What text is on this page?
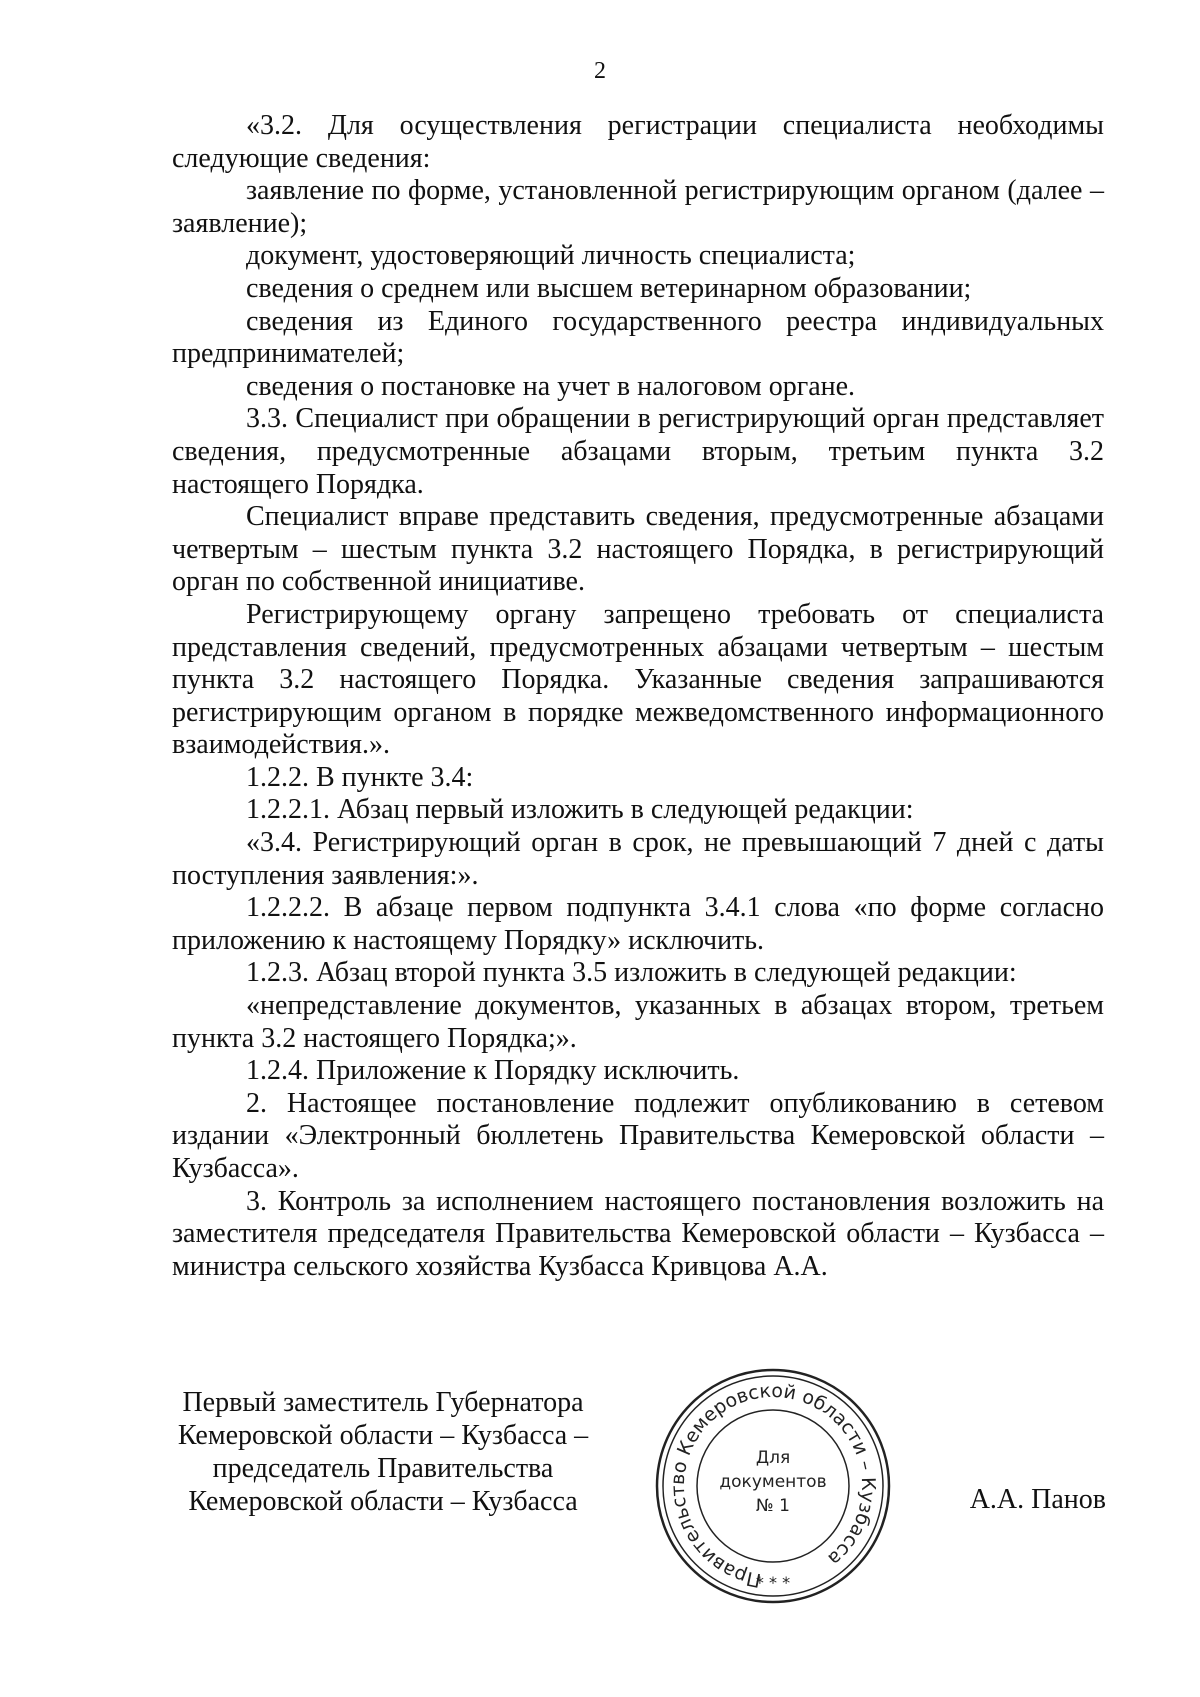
2

«3.2. Для осуществления регистрации специалиста необходимы следующие сведения:

заявление по форме, установленной регистрирующим органом (далее – заявление);

документ, удостоверяющий личность специалиста;

сведения о среднем или высшем ветеринарном образовании;

сведения из Единого государственного реестра индивидуальных предпринимателей;

сведения о постановке на учет в налоговом органе.

3.3. Специалист при обращении в регистрирующий орган представляет сведения, предусмотренные абзацами вторым, третьим пункта 3.2 настоящего Порядка.

Специалист вправе представить сведения, предусмотренные абзацами четвертым – шестым пункта 3.2 настоящего Порядка, в регистрирующий орган по собственной инициативе.

Регистрирующему органу запрещено требовать от специалиста представления сведений, предусмотренных абзацами четвертым – шестым пункта 3.2 настоящего Порядка. Указанные сведения запрашиваются регистрирующим органом в порядке межведомственного информационного взаимодействия.».

1.2.2. В пункте 3.4:

1.2.2.1. Абзац первый изложить в следующей редакции:

«3.4. Регистрирующий орган в срок, не превышающий 7 дней с даты поступления заявления:».

1.2.2.2. В абзаце первом подпункта 3.4.1 слова «по форме согласно приложению к настоящему Порядку» исключить.

1.2.3. Абзац второй пункта 3.5 изложить в следующей редакции:

«непредставление документов, указанных в абзацах втором, третьем пункта 3.2 настоящего Порядка;».

1.2.4. Приложение к Порядку исключить.

2. Настоящее постановление подлежит опубликованию в сетевом издании «Электронный бюллетень Правительства Кемеровской области – Кузбасса».

3. Контроль за исполнением настоящего постановления возложить на заместителя председателя Правительства Кемеровской области – Кузбасса – министра сельского хозяйства Кузбасса Кривцова А.А.

Первый заместитель Губернатора
Кемеровской области – Кузбасса –
председатель Правительства
Кемеровской области – Кузбасса
Правительство Кемеровской области – Кузбасса
Для
документов
№ 1
* * *
А.А. Панов
